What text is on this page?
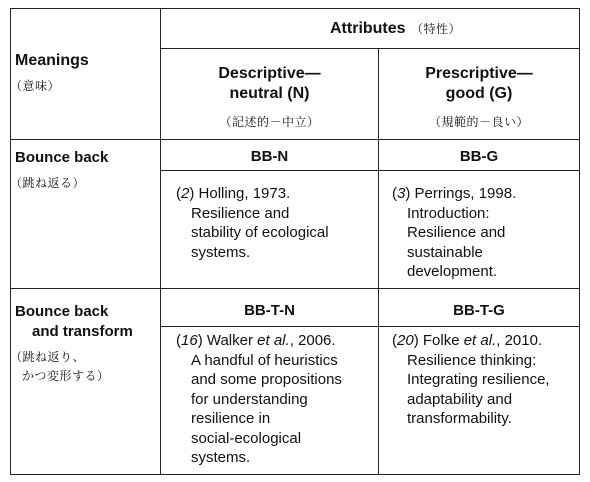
Meanings
（意味）
Attributes （特性）
Descriptive—
neutral (N)
（記述的－中立）
Prescriptive—
good (G)
（規範的－良い）
Bounce back
（跳ね返る）
BB-N	BB-G
(2) Holling, 1973.
Resilience and
stability of ecological
systems.
(3) Perrings, 1998.
Introduction:
Resilience and
sustainable
development.
Bounce back
and transform
（跳ね返り、
かつ変形する）
BB-T-N	BB-T-G
(16) Walker et al., 2006.
A handful of heuristics
and some propositions
for understanding
resilience in
social-ecological
systems.
(20) Folke et al., 2010.
Resilience thinking:
Integrating resilience,
adaptability and
transformability.
